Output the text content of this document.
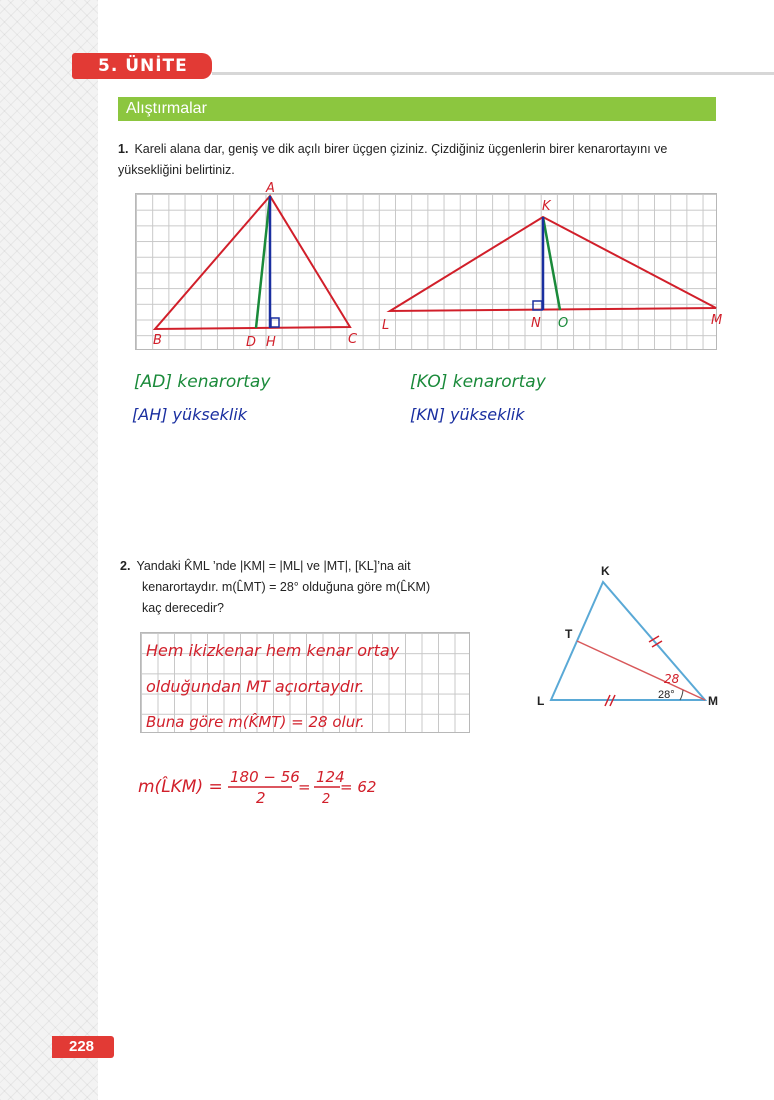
5. ÜNİTE
Alıştırmalar
1. Kareli alana dar, geniş ve dik açılı birer üçgen çiziniz. Çizdiğiniz üçgenlerin birer kenarortayını ve yüksekliğini belirtiniz.
A
B	C
D H
K
L	M
N O
[AD] kenarortay
[AH] yükseklik
[KO] kenarortay
[KN] yükseklik
2. Yandaki K̂ML ’nde |KM| = |ML| ve |MT|, [KL]’na ait
kenarortaydır. m(L̂MT) = 28° olduğuna göre m(L̂KM)
kaç derecedir?
K
L	M
T
28°
28
Hem ikizkenar hem kenar ortay
olduğundan MT açıortaydır.
Buna göre m(K̂MT) = 28 olur.
m(L̂KM) = 180 − 56
2
=
124
2
= 62
228
